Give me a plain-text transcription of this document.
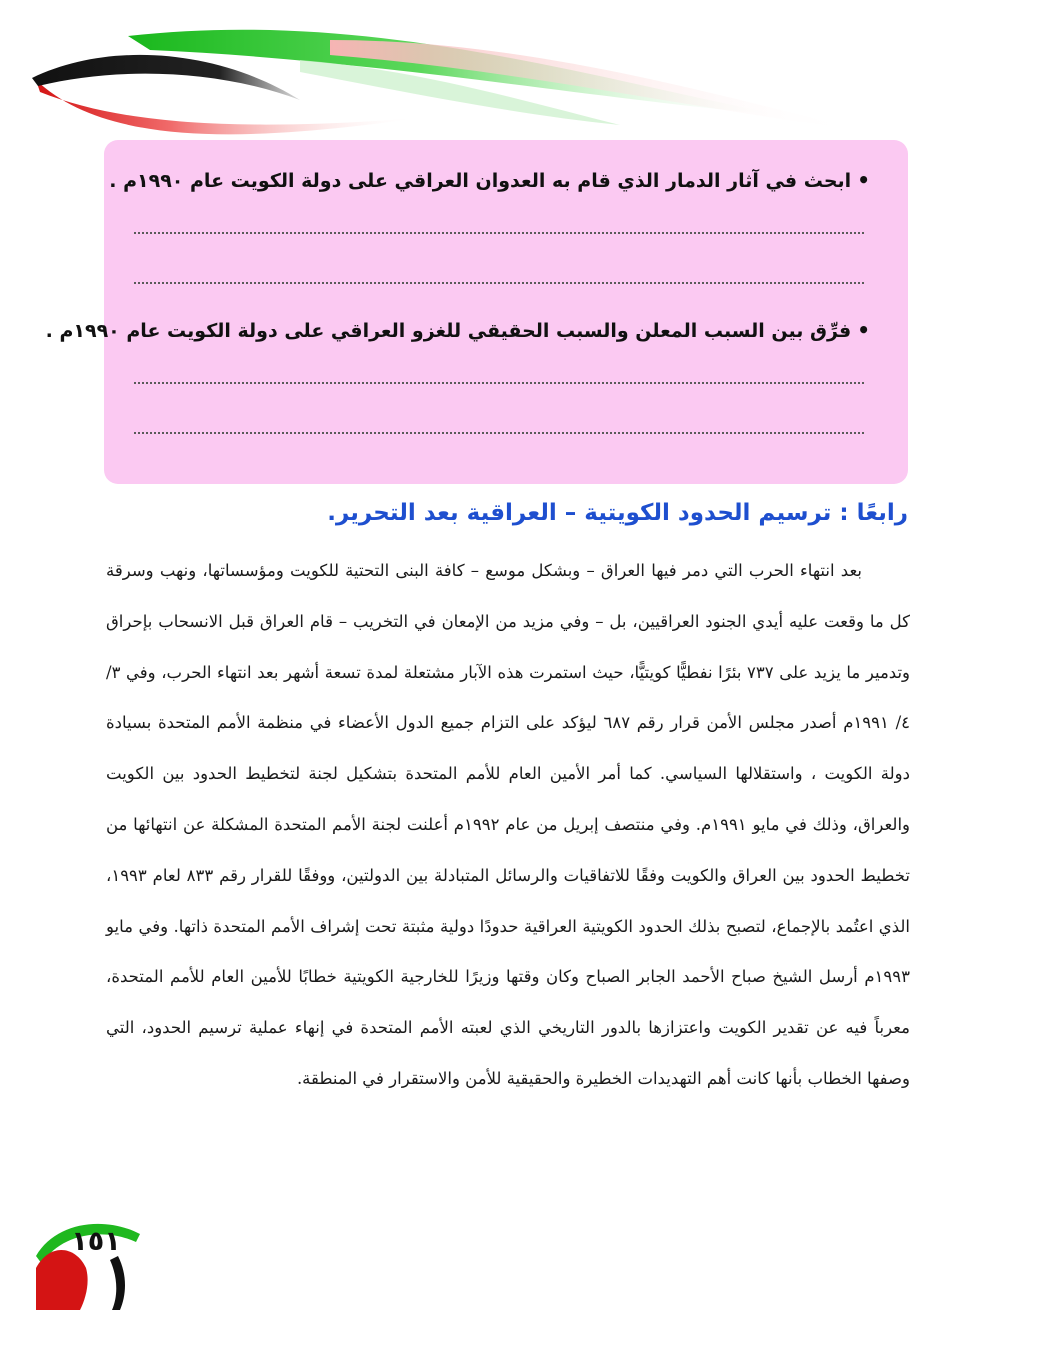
•ابحث في آثار الدمار الذي قام به العدوان العراقي على دولة الكويت عام ١٩٩٠م .
•فرِّق بين السبب المعلن والسبب الحقيقي للغزو العراقي على دولة الكويت عام ١٩٩٠م .
رابعًا : ترسيم الحدود الكويتية – العراقية بعد التحرير.

بعد انتهاء الحرب التي دمر فيها العراق – وبشكل موسع – كافة البنى التحتية للكويت ومؤسساتها، ونهب وسرقة كل ما وقعت عليه أيدي الجنود العراقيين، بل – وفي مزيد من الإمعان في التخريب – قام العراق قبل الانسحاب بإحراق وتدمير ما يزيد على ٧٣٧ بئرًا نفطيًّا كويتيًّا، حيث استمرت هذه الآبار مشتعلة لمدة تسعة أشهر بعد انتهاء الحرب، وفي ٣/ ٤/ ١٩٩١م أصدر مجلس الأمن قرار رقم ٦٨٧ ليؤكد على التزام جميع الدول الأعضاء في منظمة الأمم المتحدة بسيادة دولة الكويت ، واستقلالها السياسي. كما أمر الأمين العام للأمم المتحدة بتشكيل لجنة لتخطيط الحدود بين الكويت والعراق، وذلك في مايو ١٩٩١م. وفي منتصف إبريل من عام ١٩٩٢م أعلنت لجنة الأمم المتحدة المشكلة عن انتهائها من تخطيط الحدود بين العراق والكويت وفقًا للاتفاقيات والرسائل المتبادلة بين الدولتين، ووفقًا للقرار رقم ٨٣٣ لعام ١٩٩٣، الذي اعتُمد بالإجماع، لتصبح بذلك الحدود الكويتية العراقية حدودًا دولية مثبتة تحت إشراف الأمم المتحدة ذاتها. وفي مايو ١٩٩٣م أرسل الشيخ صباح الأحمد الجابر الصباح وكان وقتها وزيرًا للخارجية الكويتية خطابًا للأمين العام للأمم المتحدة، معرباً فيه عن تقدير الكويت واعتزازها بالدور التاريخي الذي لعبته الأمم المتحدة في إنهاء عملية ترسيم الحدود، التي وصفها الخطاب بأنها كانت أهم التهديدات الخطيرة والحقيقية للأمن والاستقرار في المنطقة.

١٥١
